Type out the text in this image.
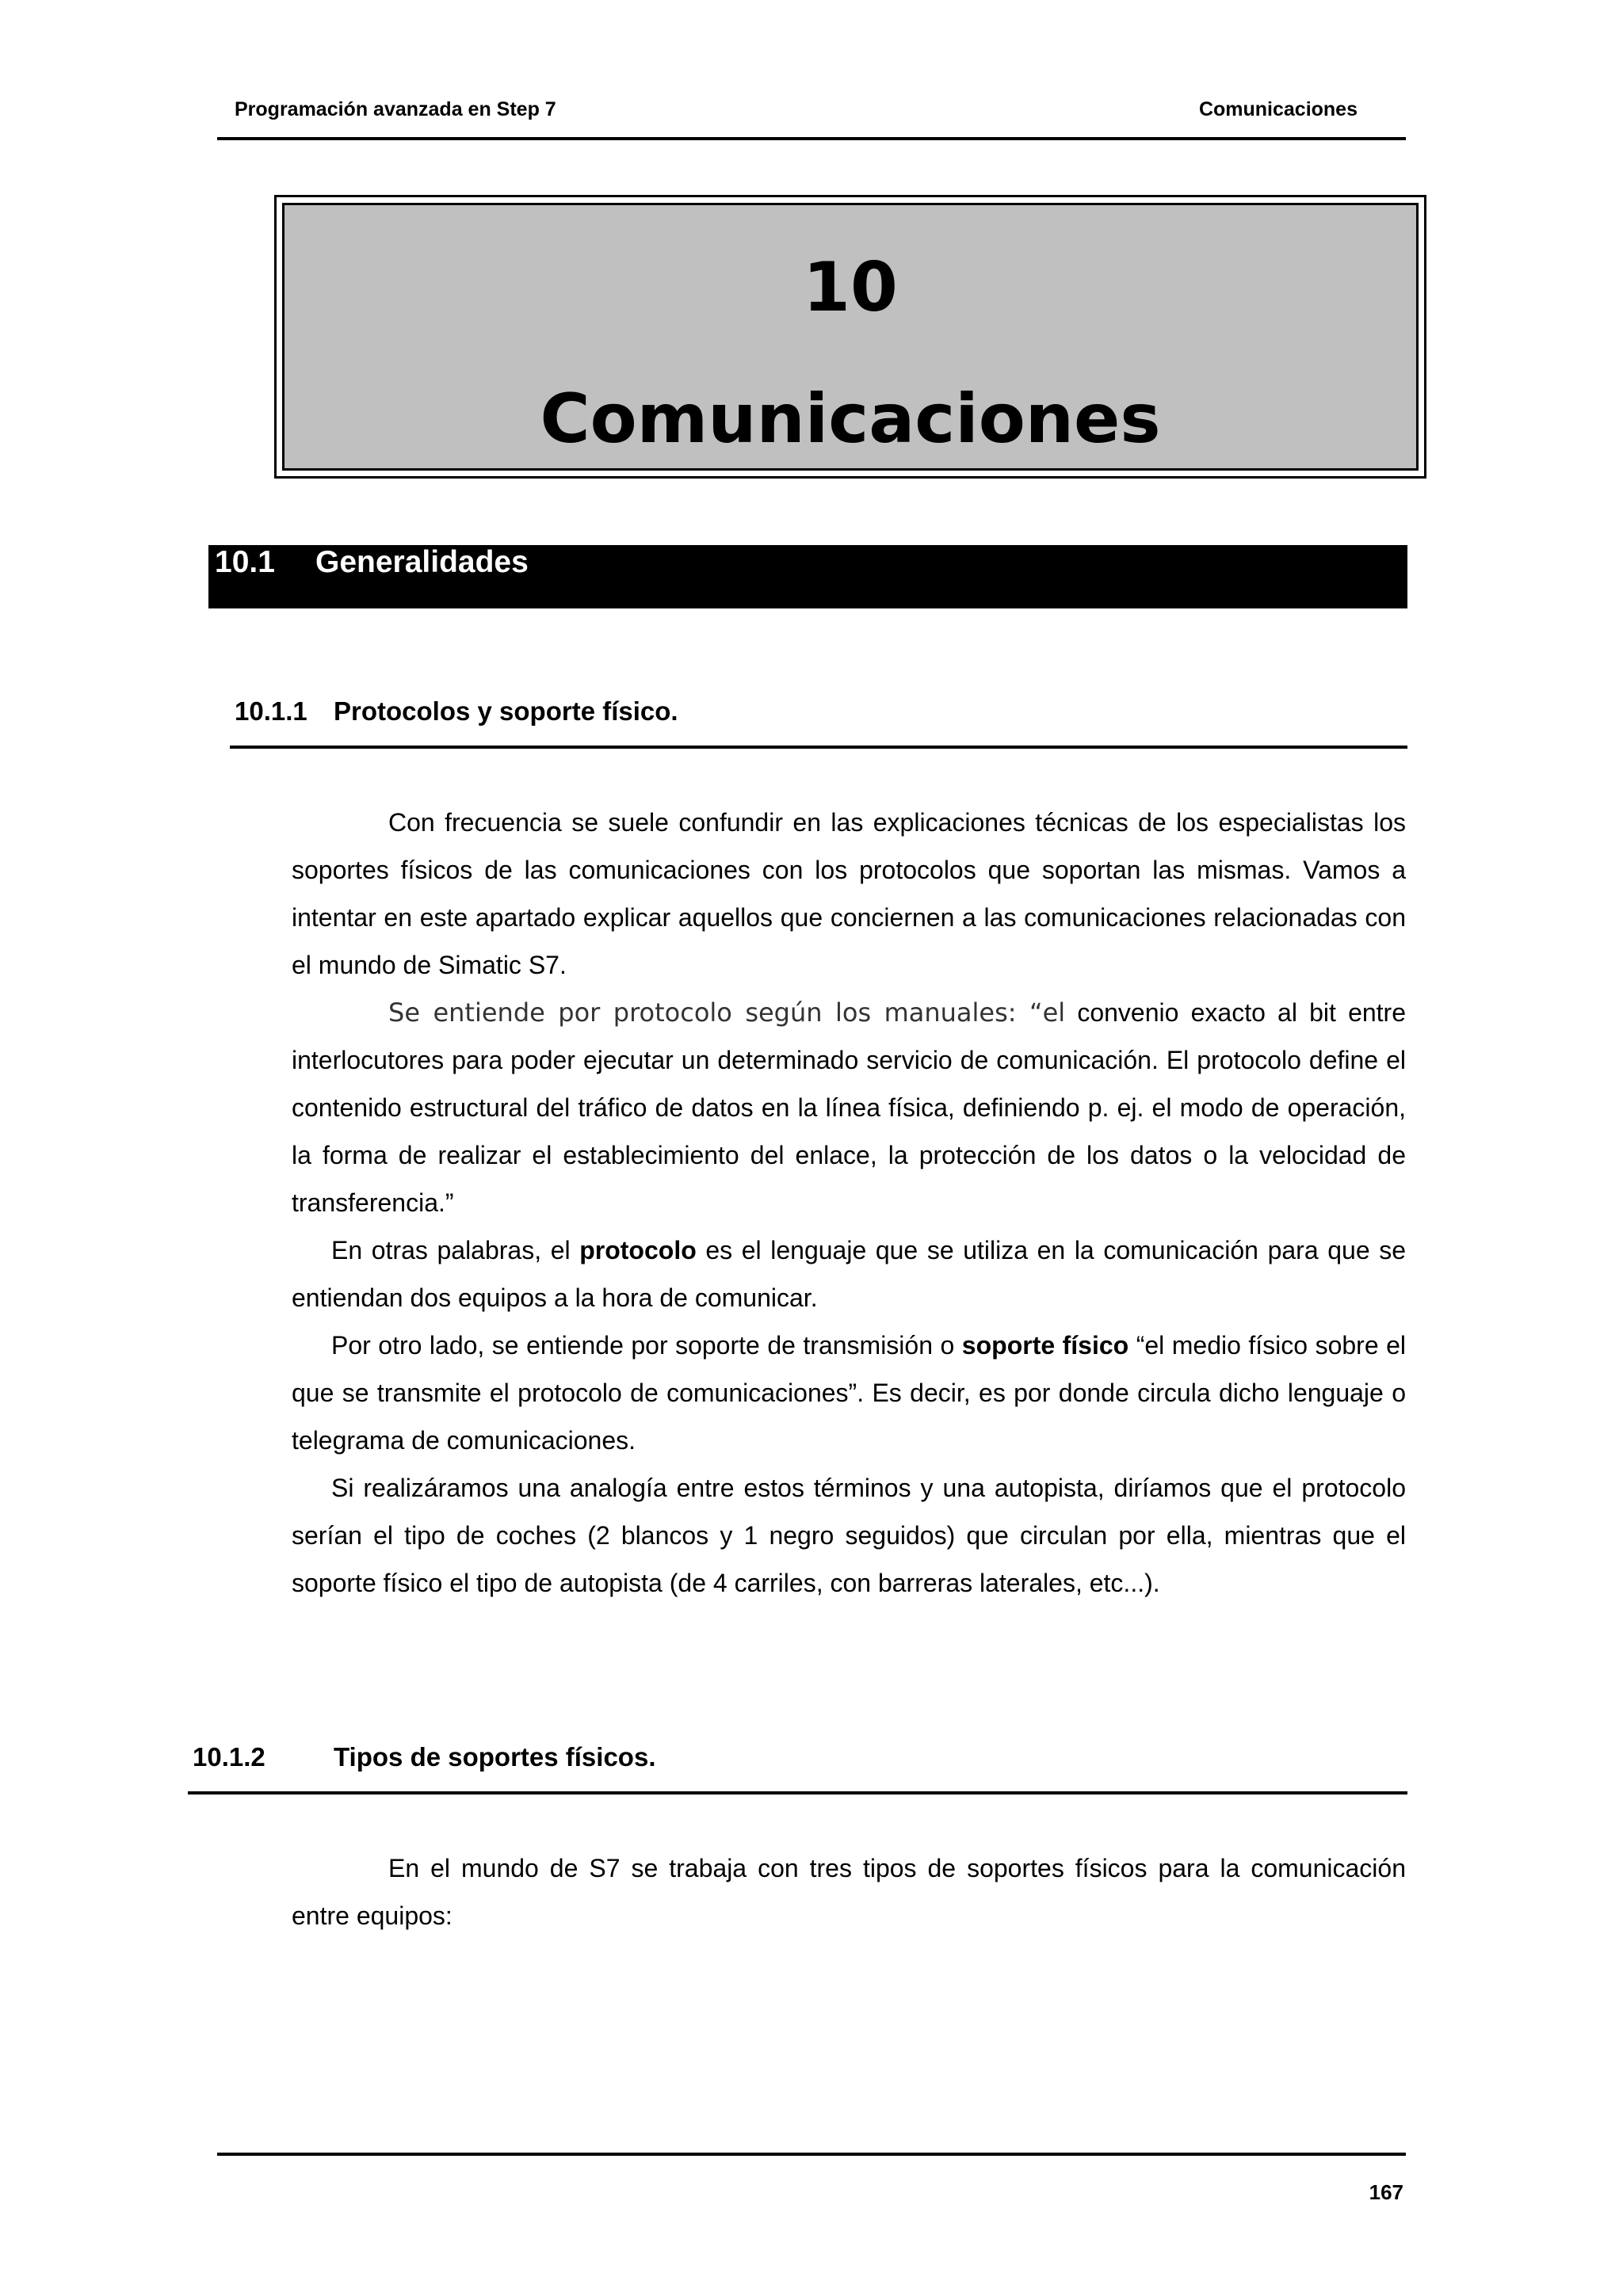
Programación avanzada en Step 7	Comunicaciones
10
Comunicaciones
10.1 Generalidades
10.1.1 Protocolos y soporte físico.

Con frecuencia se suele confundir en las explicaciones técnicas de los especialistas los soportes físicos de las comunicaciones con los protocolos que soportan las mismas. Vamos a intentar en este apartado explicar aquellos que conciernen a las comunicaciones relacionadas con el mundo de Simatic S7.

Se entiende por protocolo según los manuales: “el convenio exacto al bit entre interlocutores para poder ejecutar un determinado servicio de comunicación. El protocolo define el contenido estructural del tráfico de datos en la línea física, definiendo p. ej. el modo de operación, la forma de realizar el establecimiento del enlace, la protección de los datos o la velocidad de transferencia.”

En otras palabras, el protocolo es el lenguaje que se utiliza en la comunicación para que se entiendan dos equipos a la hora de comunicar.

Por otro lado, se entiende por soporte de transmisión o soporte físico “el medio físico sobre el que se transmite el protocolo de comunicaciones”. Es decir, es por donde circula dicho lenguaje o telegrama de comunicaciones.

Si realizáramos una analogía entre estos términos y una autopista, diríamos que el protocolo serían el tipo de coches (2 blancos y 1 negro seguidos) que circulan por ella, mientras que el soporte físico el tipo de autopista (de 4 carriles, con barreras laterales, etc...).

10.1.2	Tipos de soportes físicos.

En el mundo de S7 se trabaja con tres tipos de soportes físicos para la comunicación entre equipos:

167
